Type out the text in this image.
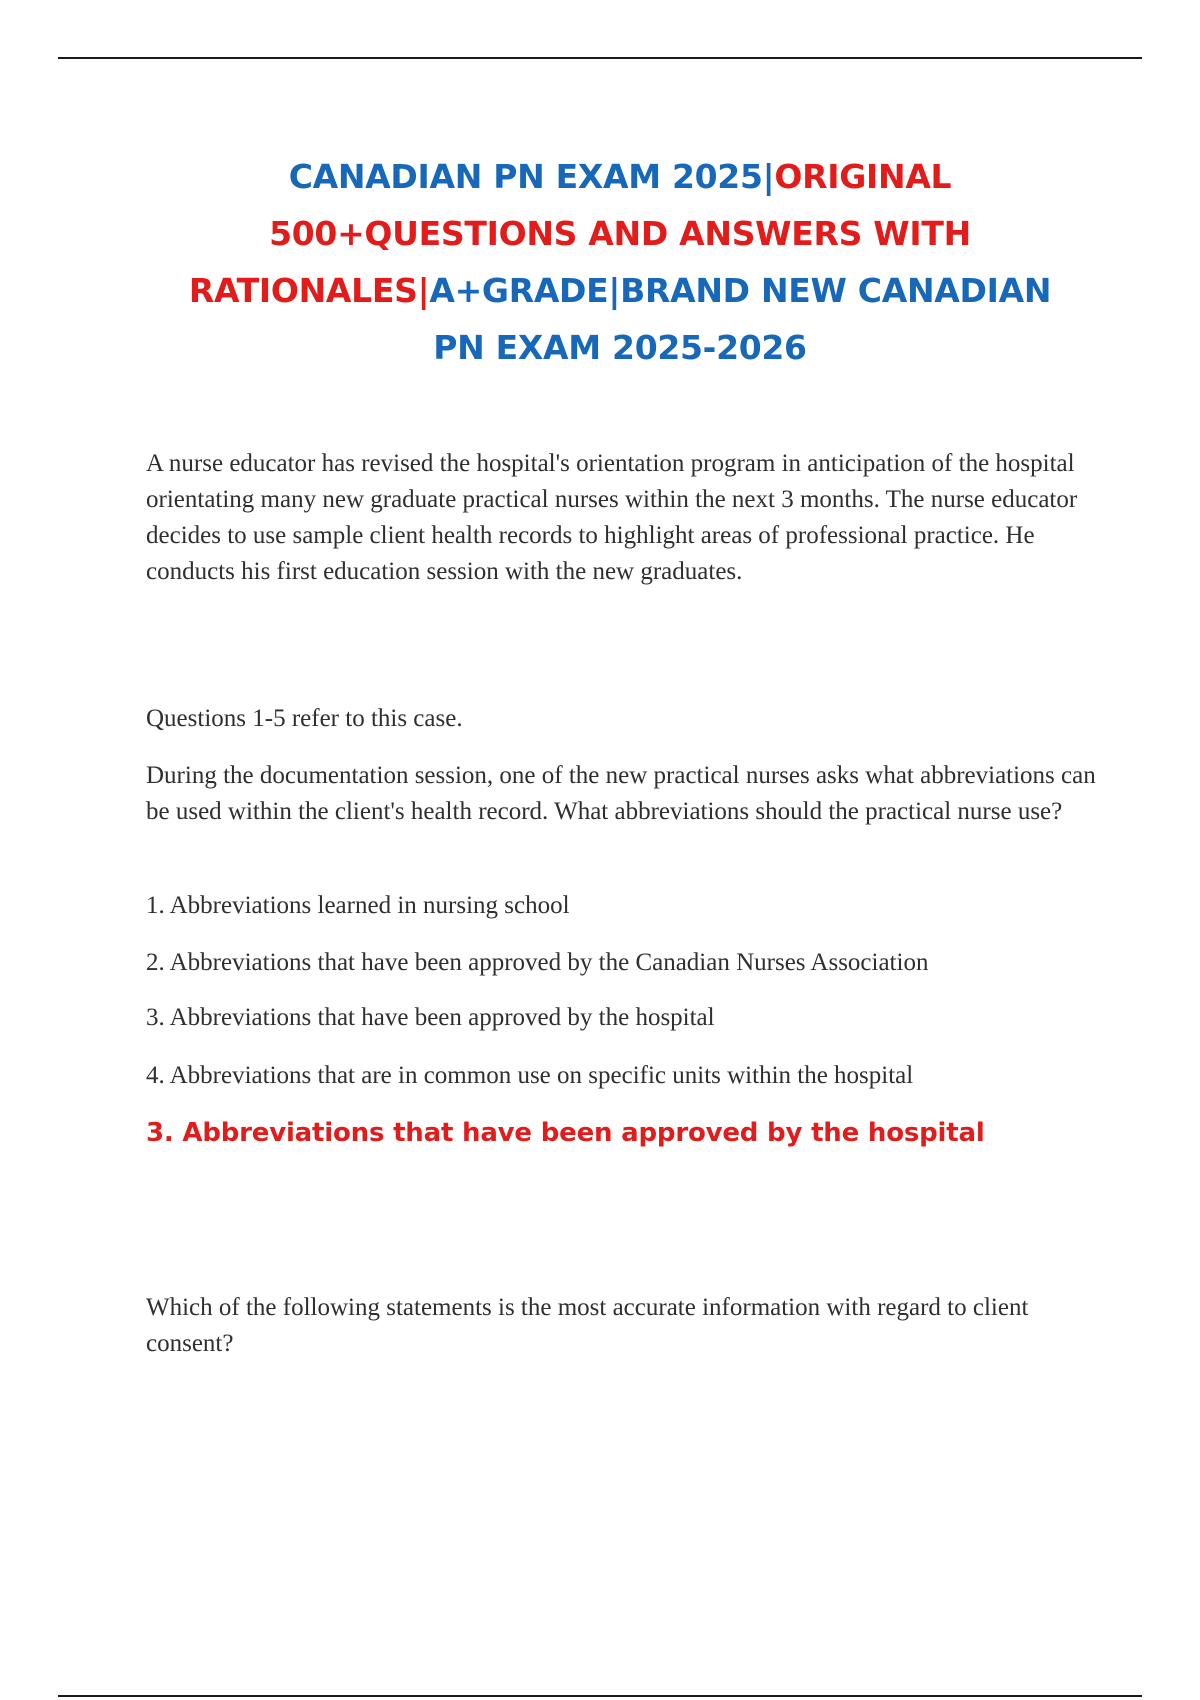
CANADIAN PN EXAM 2025|ORIGINAL
500+QUESTIONS AND ANSWERS WITH
RATIONALES|A+GRADE|BRAND NEW CANADIAN
PN EXAM 2025-2026

A nurse educator has revised the hospital's orientation program in anticipation of the hospital orientating many new graduate practical nurses within the next 3 months. The nurse educator decides to use sample client health records to highlight areas of professional practice. He conducts his first education session with the new graduates.

Questions 1-5 refer to this case.

During the documentation session, one of the new practical nurses asks what abbreviations can be used within the client's health record. What abbreviations should the practical nurse use?

1. Abbreviations learned in nursing school

2. Abbreviations that have been approved by the Canadian Nurses Association

3. Abbreviations that have been approved by the hospital

4. Abbreviations that are in common use on specific units within the hospital

3. Abbreviations that have been approved by the hospital

Which of the following statements is the most accurate information with regard to client consent?
